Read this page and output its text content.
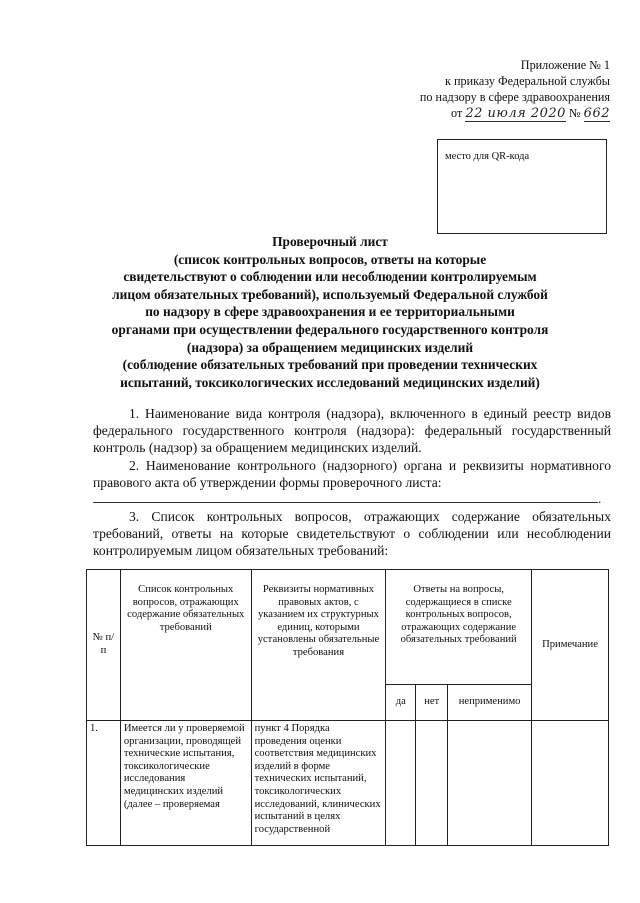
Приложение № 1
к приказу Федеральной службы
по надзору в сфере здравоохранения
от 22 июля 2020 № 662
место для QR-кода
Проверочный лист
(список контрольных вопросов, ответы на которые
свидетельствуют о соблюдении или несоблюдении контролируемым
лицом обязательных требований), используемый Федеральной службой
по надзору в сфере здравоохранения и ее территориальными
органами при осуществлении федерального государственного контроля
(надзора) за обращением медицинских изделий
(соблюдение обязательных требований при проведении технических
испытаний, токсикологических исследований медицинских изделий)
1. Наименование вида контроля (надзора), включенного в единый реестр видов федерального государственного контроля (надзора): федеральный государственный контроль (надзор) за обращением медицинских изделий.
2. Наименование контрольного (надзорного) органа и реквизиты нормативного правового акта об утверждении формы проверочного листа:
.
3. Список контрольных вопросов, отражающих содержание обязательных требований, ответы на которые свидетельствуют о соблюдении или несоблюдении контролируемым лицом обязательных требований:
№ п/п	Список контрольных вопросов, отражающих содержание обязательных требований	Реквизиты нормативных правовых актов, с указанием их структурных единиц, которыми установлены обязательные требования	Ответы на вопросы, содержащиеся в списке контрольных вопросов, отражающих содержание обязательных требований			Примечание
			да	нет	неприменимо	
1.	Имеется ли у проверяемой организации, проводящей технические испытания, токсикологические исследования медицинских изделий (далее – проверяемая	пункт 4 Порядка проведения оценки соответствия медицинских изделий в форме технических испытаний, токсикологических исследований, клинических испытаний в целях государственной				
